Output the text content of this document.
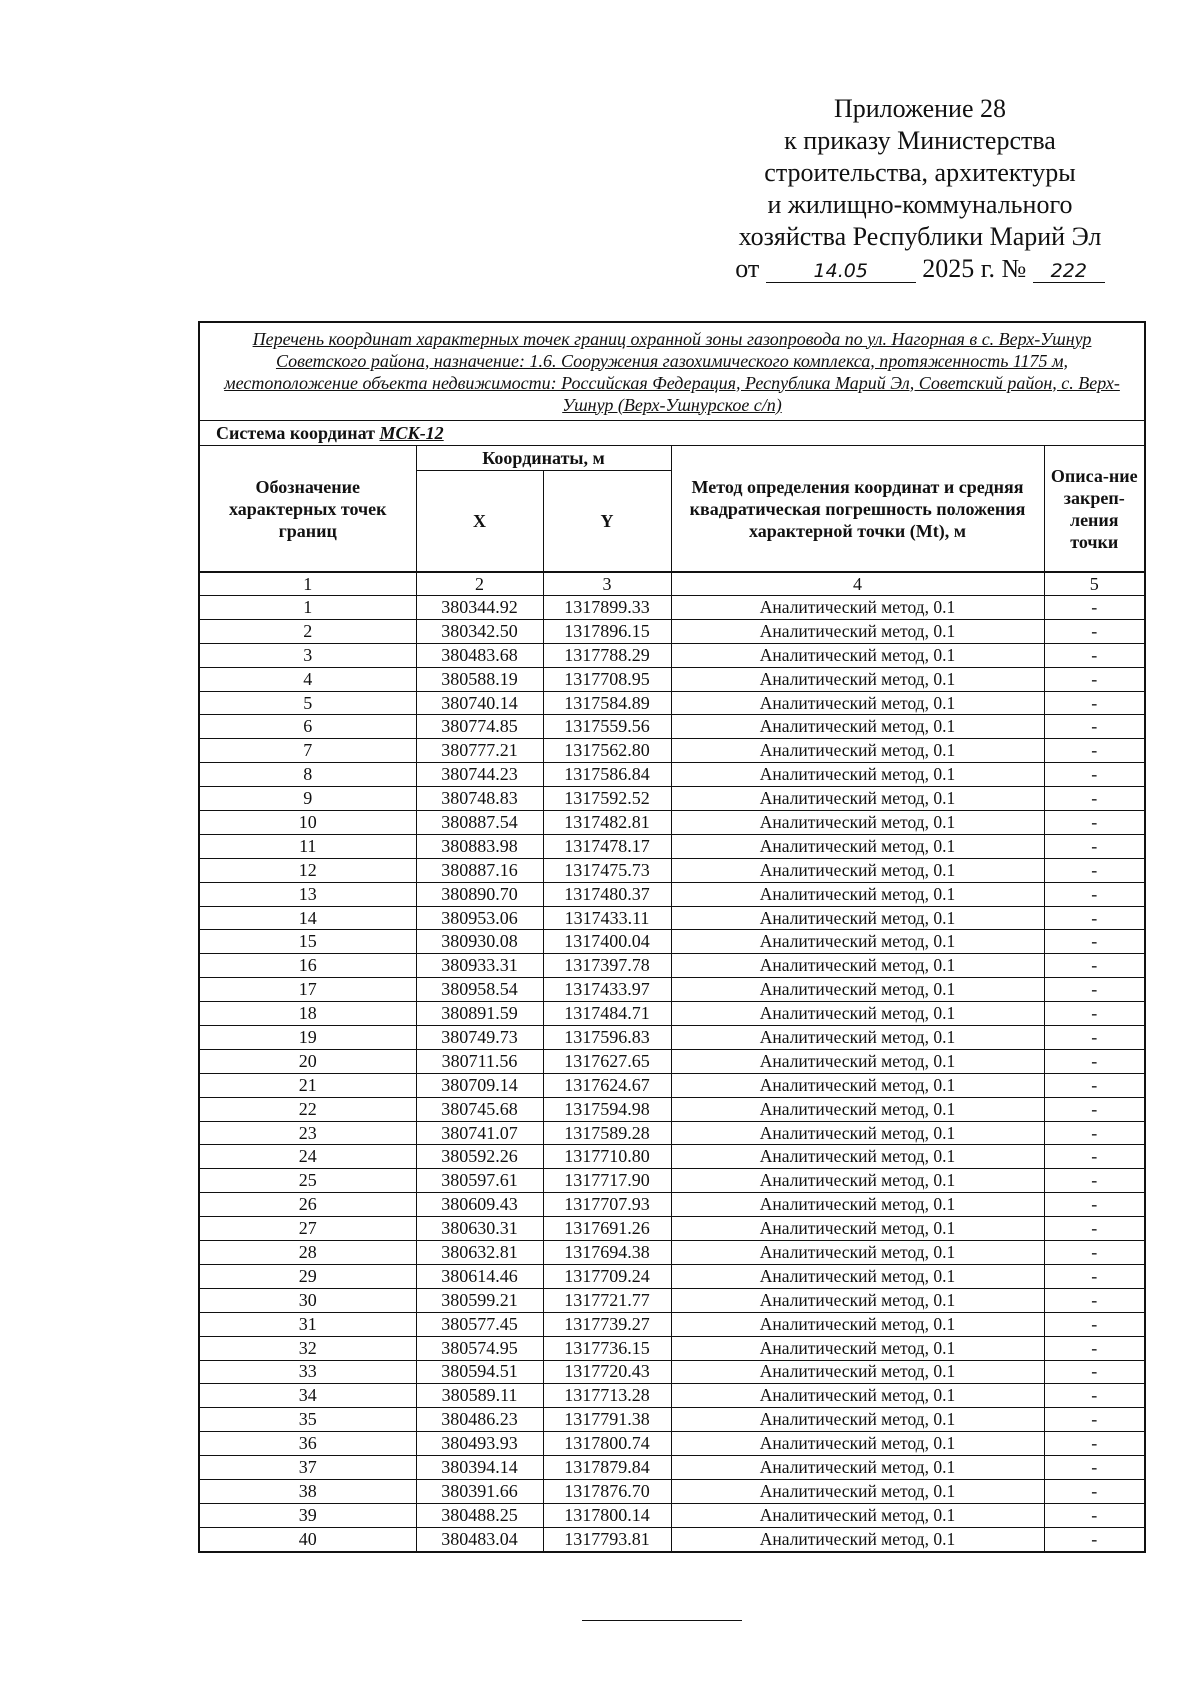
Приложение 28
к приказу Министерства
строительства, архитектуры
и жилищно-коммунального
хозяйства Республики Марий Эл
от	14.05 2025 г. № 222
Перечень координат характерных точек границ охранной зоны газопровода по ул. Нагорная в с. Верх-Ушнур Советского района, назначение: 1.6. Сооружения газохимического комплекса, протяженность 1175 м, местоположение объекта недвижимости: Российская Федерация, Республика Марий Эл, Советский район, с. Верх-Ушнур (Верх-Ушнурское с/п)				
Система координат МСК-12				
Обозначение характерных точек границ	Координаты, м		Метод определения координат и средняя квадратическая погрешность положения характерной точки (Mt), м	Описа-ние закреп-ления точки
	X	Y		
1	2	3	4	5
1	380344.92	1317899.33	Аналитический метод, 0.1	-
2	380342.50	1317896.15	Аналитический метод, 0.1	-
3	380483.68	1317788.29	Аналитический метод, 0.1	-
4	380588.19	1317708.95	Аналитический метод, 0.1	-
5	380740.14	1317584.89	Аналитический метод, 0.1	-
6	380774.85	1317559.56	Аналитический метод, 0.1	-
7	380777.21	1317562.80	Аналитический метод, 0.1	-
8	380744.23	1317586.84	Аналитический метод, 0.1	-
9	380748.83	1317592.52	Аналитический метод, 0.1	-
10	380887.54	1317482.81	Аналитический метод, 0.1	-
11	380883.98	1317478.17	Аналитический метод, 0.1	-
12	380887.16	1317475.73	Аналитический метод, 0.1	-
13	380890.70	1317480.37	Аналитический метод, 0.1	-
14	380953.06	1317433.11	Аналитический метод, 0.1	-
15	380930.08	1317400.04	Аналитический метод, 0.1	-
16	380933.31	1317397.78	Аналитический метод, 0.1	-
17	380958.54	1317433.97	Аналитический метод, 0.1	-
18	380891.59	1317484.71	Аналитический метод, 0.1	-
19	380749.73	1317596.83	Аналитический метод, 0.1	-
20	380711.56	1317627.65	Аналитический метод, 0.1	-
21	380709.14	1317624.67	Аналитический метод, 0.1	-
22	380745.68	1317594.98	Аналитический метод, 0.1	-
23	380741.07	1317589.28	Аналитический метод, 0.1	-
24	380592.26	1317710.80	Аналитический метод, 0.1	-
25	380597.61	1317717.90	Аналитический метод, 0.1	-
26	380609.43	1317707.93	Аналитический метод, 0.1	-
27	380630.31	1317691.26	Аналитический метод, 0.1	-
28	380632.81	1317694.38	Аналитический метод, 0.1	-
29	380614.46	1317709.24	Аналитический метод, 0.1	-
30	380599.21	1317721.77	Аналитический метод, 0.1	-
31	380577.45	1317739.27	Аналитический метод, 0.1	-
32	380574.95	1317736.15	Аналитический метод, 0.1	-
33	380594.51	1317720.43	Аналитический метод, 0.1	-
34	380589.11	1317713.28	Аналитический метод, 0.1	-
35	380486.23	1317791.38	Аналитический метод, 0.1	-
36	380493.93	1317800.74	Аналитический метод, 0.1	-
37	380394.14	1317879.84	Аналитический метод, 0.1	-
38	380391.66	1317876.70	Аналитический метод, 0.1	-
39	380488.25	1317800.14	Аналитический метод, 0.1	-
40	380483.04	1317793.81	Аналитический метод, 0.1	-
